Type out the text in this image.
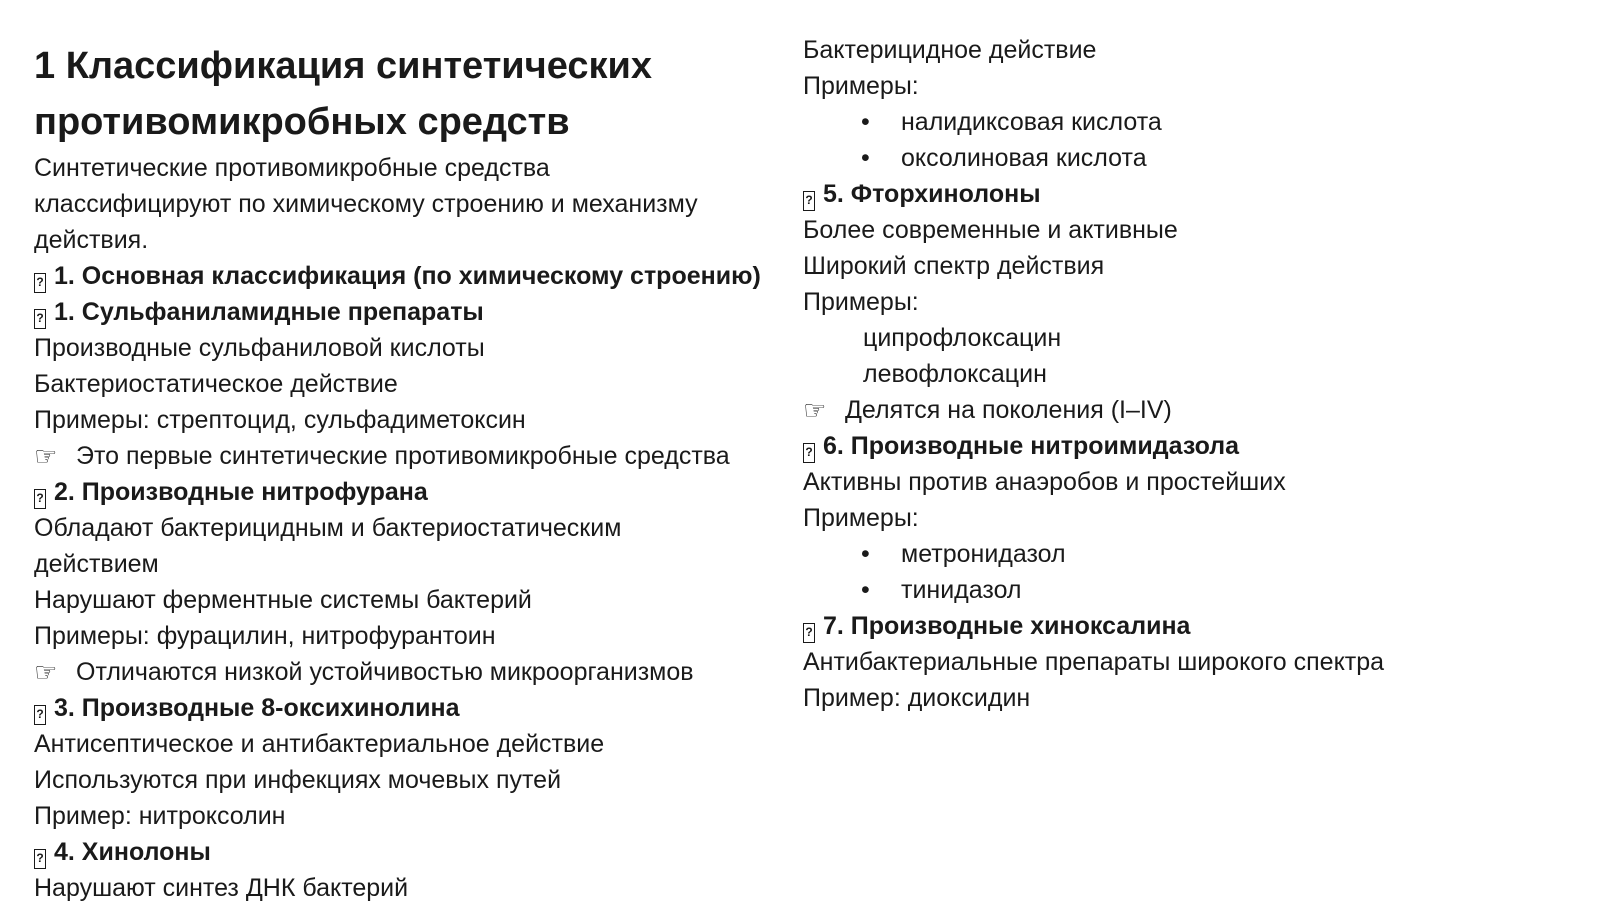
1 Классификация синтетических
противомикробных средств
Синтетические противомикробные средства
классифицируют по химическому строению и механизму
действия.
? 1. Основная классификация (по химическому строению)
? 1. Сульфаниламидные препараты
Производные сульфаниловой кислоты
Бактериостатическое действие
Примеры: стрептоцид, сульфадиметоксин
☞ Это первые синтетические противомикробные средства
? 2. Производные нитрофурана
Обладают бактерицидным и бактериостатическим
действием
Нарушают ферментные системы бактерий
Примеры: фурацилин, нитрофурантоин
☞ Отличаются низкой устойчивостью микроорганизмов
? 3. Производные 8-оксихинолина
Антисептическое и антибактериальное действие
Используются при инфекциях мочевых путей
Пример: нитроксолин
? 4. Хинолоны
Нарушают синтез ДНК бактерий
Бактерицидное действие
Примеры:
•	налидиксовая кислота
•	оксолиновая кислота
? 5. Фторхинолоны
Более современные и активные
Широкий спектр действия
Примеры:
ципрофлоксацин
левофлоксацин
☞ Делятся на поколения (I–IV)
? 6. Производные нитроимидазола
Активны против анаэробов и простейших
Примеры:
•	метронидазол
•	тинидазол
? 7. Производные хиноксалина
Антибактериальные препараты широкого спектра
Пример: диоксидин
